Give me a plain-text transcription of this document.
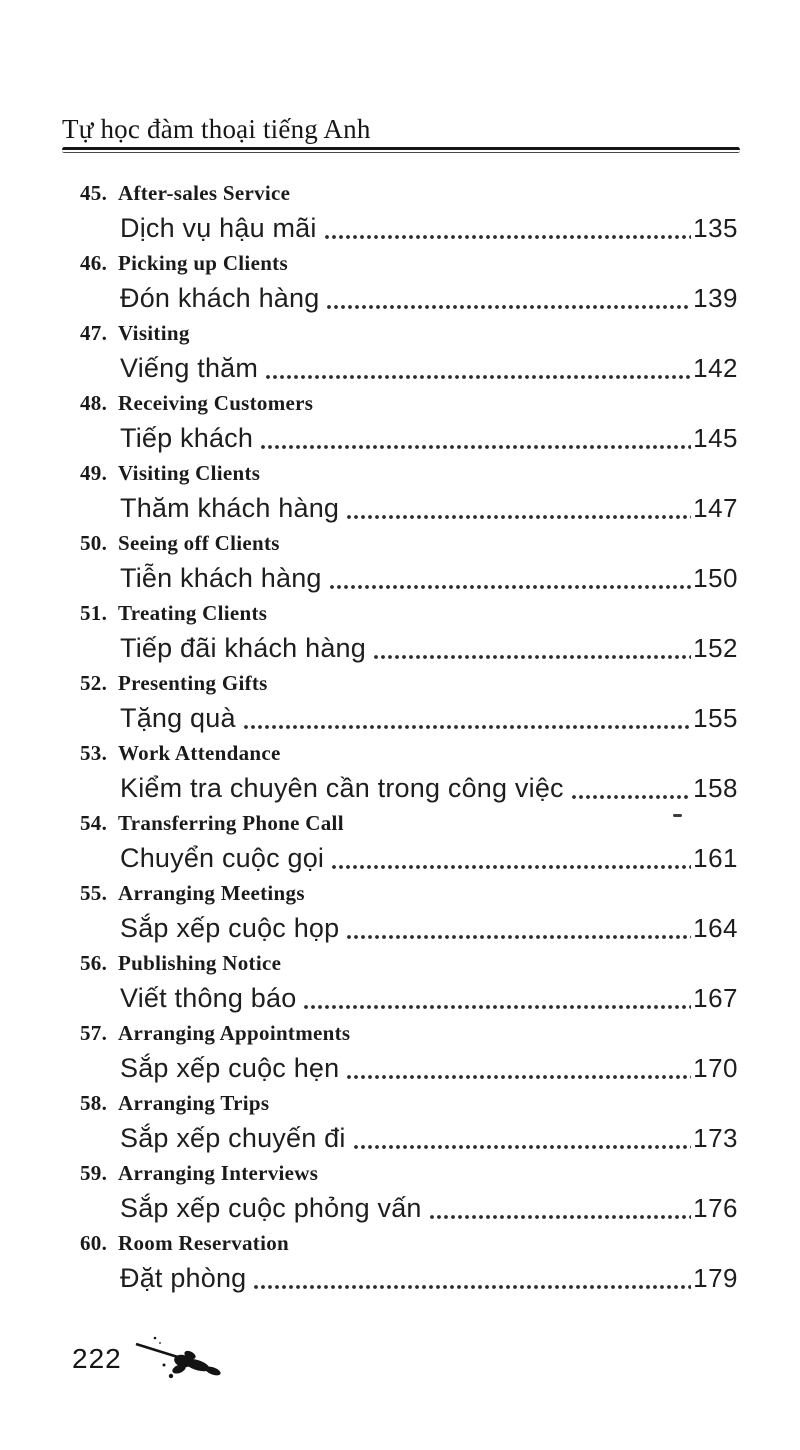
Tự học đàm thoại tiếng Anh
45. After-sales Service
Dịch vụ hậu mãi	135
46. Picking up Clients
Đón khách hàng	139
47. Visiting
Viếng thăm	142
48. Receiving Customers
Tiếp khách	145
49. Visiting Clients
Thăm khách hàng	147
50. Seeing off Clients
Tiễn khách hàng	150
51. Treating Clients
Tiếp đãi khách hàng	152
52. Presenting Gifts
Tặng quà	155
53. Work Attendance
Kiểm tra chuyên cần trong công việc	158
54. Transferring Phone Call
Chuyển cuộc gọi	161
55. Arranging Meetings
Sắp xếp cuộc họp	164
56. Publishing Notice
Viết thông báo	167
57. Arranging Appointments
Sắp xếp cuộc hẹn	170
58. Arranging Trips
Sắp xếp chuyến đi	173
59. Arranging Interviews
Sắp xếp cuộc phỏng vấn	176
60. Room Reservation
Đặt phòng	179
222
